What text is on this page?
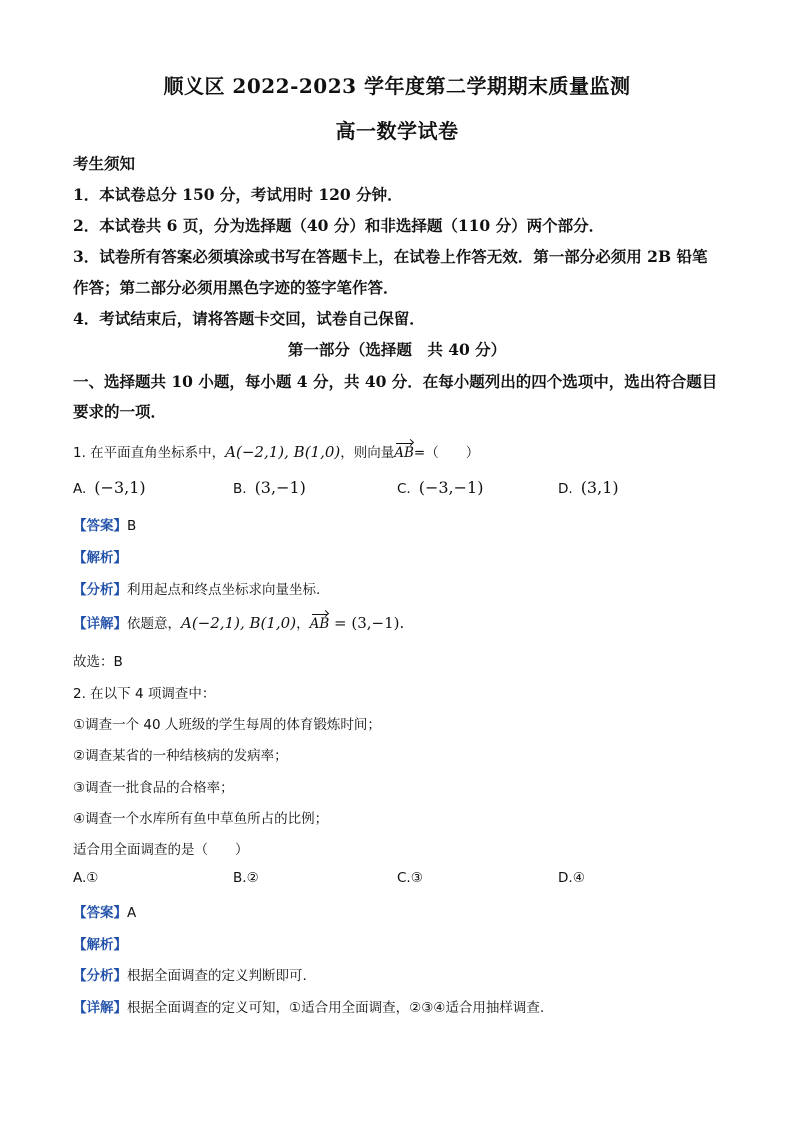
顺义区 2022-2023 学年度第二学期期末质量监测
高一数学试卷
考生须知
1．本试卷总分 150 分，考试用时 120 分钟．
2．本试卷共 6 页，分为选择题（40 分）和非选择题（110 分）两个部分．
3．试卷所有答案必须填涂或书写在答题卡上，在试卷上作答无效．第一部分必须用 2B 铅笔
作答；第二部分必须用黑色字迹的签字笔作答．
4．考试结束后，请将答题卡交回，试卷自己保留．
第一部分（选择题　共 40 分）
一、选择题共 10 小题，每小题 4 分，共 40 分．在每小题列出的四个选项中，选出符合题目
要求的一项．
1. 在平面直角坐标系中，A(−2,1), B(1,0)，则向量AB=（　　）
A. (−3,1)	B. (3,−1)	C. (−3,−1)	D. (3,1)
【答案】B
【解析】
【分析】利用起点和终点坐标求向量坐标.
【详解】依题意，A(−2,1), B(1,0)，AB = (3,−1).
故选：B
2. 在以下 4 项调查中：
①调查一个 40 人班级的学生每周的体育锻炼时间；
②调查某省的一种结核病的发病率；
③调查一批食品的合格率；
④调查一个水库所有鱼中草鱼所占的比例；
适合用全面调查的是（　　）
A.①	B.②	C.③	D.④
【答案】A
【解析】
【分析】根据全面调查的定义判断即可.
【详解】根据全面调查的定义可知，①适合用全面调查，②③④适合用抽样调查.
